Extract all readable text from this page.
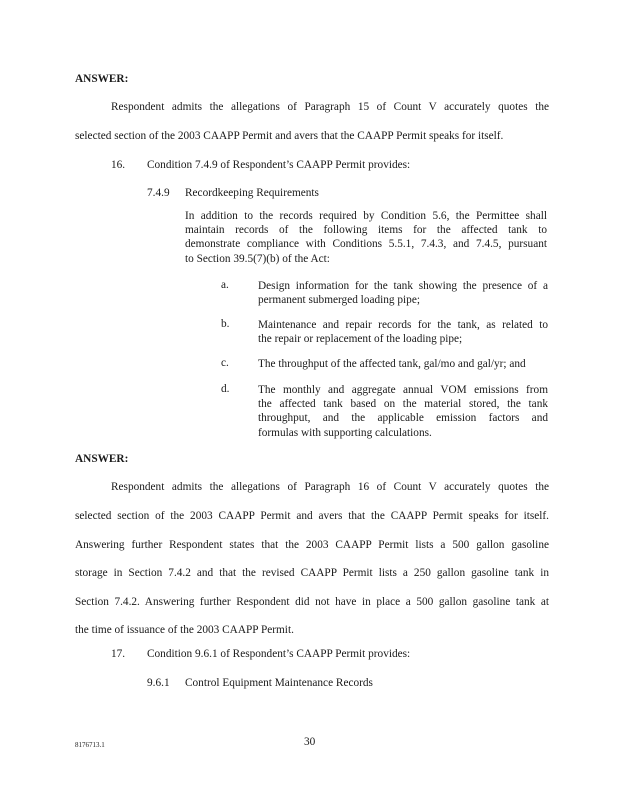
ANSWER:
Respondent admits the allegations of Paragraph 15 of Count V accurately quotes the
selected section of the 2003 CAAPP Permit and avers that the CAAPP Permit speaks for itself.
16. Condition 7.4.9 of Respondent’s CAAPP Permit provides:
7.4.9 Recordkeeping Requirements
In addition to the records required by Condition 5.6, the Permittee shall
maintain records of the following items for the affected tank to
demonstrate compliance with Conditions 5.5.1, 7.4.3, and 7.4.5, pursuant
to Section 39.5(7)(b) of the Act:
a.	Design information for the tank showing the presence of a
permanent submerged loading pipe;
b.	Maintenance and repair records for the tank, as related to
the repair or replacement of the loading pipe;
c.	The throughput of the affected tank, gal/mo and gal/yr; and
d.	The monthly and aggregate annual VOM emissions from
the affected tank based on the material stored, the tank
throughput, and the applicable emission factors and
formulas with supporting calculations.
ANSWER:
Respondent admits the allegations of Paragraph 16 of Count V accurately quotes the
selected section of the 2003 CAAPP Permit and avers that the CAAPP Permit speaks for itself.
Answering further Respondent states that the 2003 CAAPP Permit lists a 500 gallon gasoline
storage in Section 7.4.2 and that the revised CAAPP Permit lists a 250 gallon gasoline tank in
Section 7.4.2. Answering further Respondent did not have in place a 500 gallon gasoline tank at
the time of issuance of the 2003 CAAPP Permit.
17. Condition 9.6.1 of Respondent’s CAAPP Permit provides:
9.6.1 Control Equipment Maintenance Records
8176713.1	30
